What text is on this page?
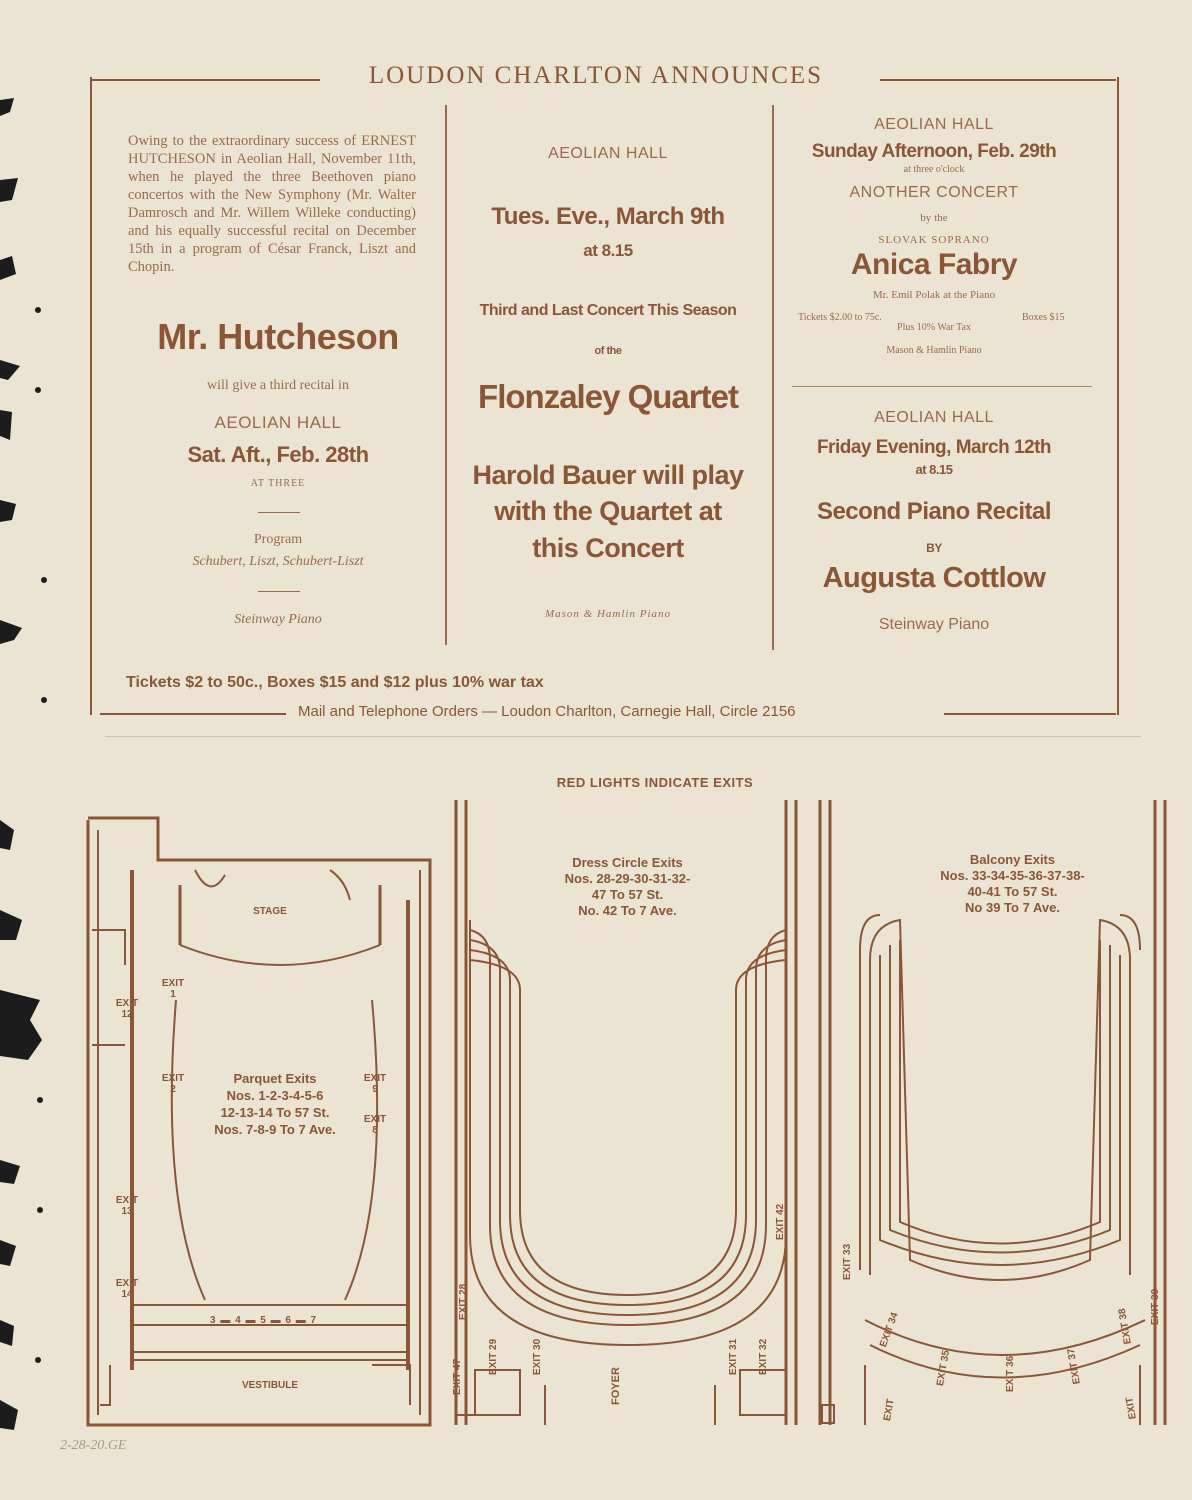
LOUDON CHARLTON ANNOUNCES
Owing to the extraordinary success of ERNEST HUTCHESON in Aeolian Hall, November 11th, when he played the three Beethoven piano concertos with the New Symphony (Mr. Walter Damrosch and Mr. Willem Willeke conducting) and his equally successful recital on December 15th in a program of César Franck, Liszt and Chopin.
Mr. Hutcheson
will give a third recital in
AEOLIAN HALL
Sat. Aft., Feb. 28th
AT THREE
Program
Schubert, Liszt, Schubert-Liszt
Steinway Piano
AEOLIAN HALL
Tues. Eve., March 9th
at 8.15
Third and Last Concert This Season
of the
Flonzaley Quartet
Harold Bauer will play
with the Quartet at
this Concert
Mason & Hamlin Piano
AEOLIAN HALL
Sunday Afternoon, Feb. 29th
at three o'clock
ANOTHER CONCERT
by the
SLOVAK SOPRANO
Anica Fabry
Mr. Emil Polak at the Piano
Tickets $2.00 to 75c.	Boxes $15
Plus 10% War Tax
Mason & Hamlin Piano
AEOLIAN HALL
Friday Evening, March 12th
at 8.15
Second Piano Recital
BY
Augusta Cottlow
Steinway Piano
Tickets $2 to 50c., Boxes $15 and $12 plus 10% war tax
Mail and Telephone Orders — Loudon Charlton, Carnegie Hall, Circle 2156
RED LIGHTS INDICATE EXITS
STAGE
VESTIBULE	FOYER
Parquet Exits
Nos. 1-2-3-4-5-6
12-13-14 To 57 St.
Nos. 7-8-9 To 7 Ave.
Dress Circle Exits
Nos. 28-29-30-31-32-
47 To 57 St.
No. 42 To 7 Ave.
Balcony Exits
Nos. 33-34-35-36-37-38-
40-41 To 57 St.
No 39 To 7 Ave.
EXIT
1
EXIT
2
EXIT
12
EXIT
13
EXIT
14
EXIT
9
EXIT
8
3 ▬ 4 ▬ 5 ▬ 6 ▬ 7
EXIT 42
EXIT 28
EXIT 29	EXIT 30
EXIT 47
EXIT 31 EXIT 32
EXIT 33
EXIT 34
EXIT 35	EXIT 36	EXIT 37
EXIT 38
EXIT 39
EXIT	EXIT
2-28-20.GE
